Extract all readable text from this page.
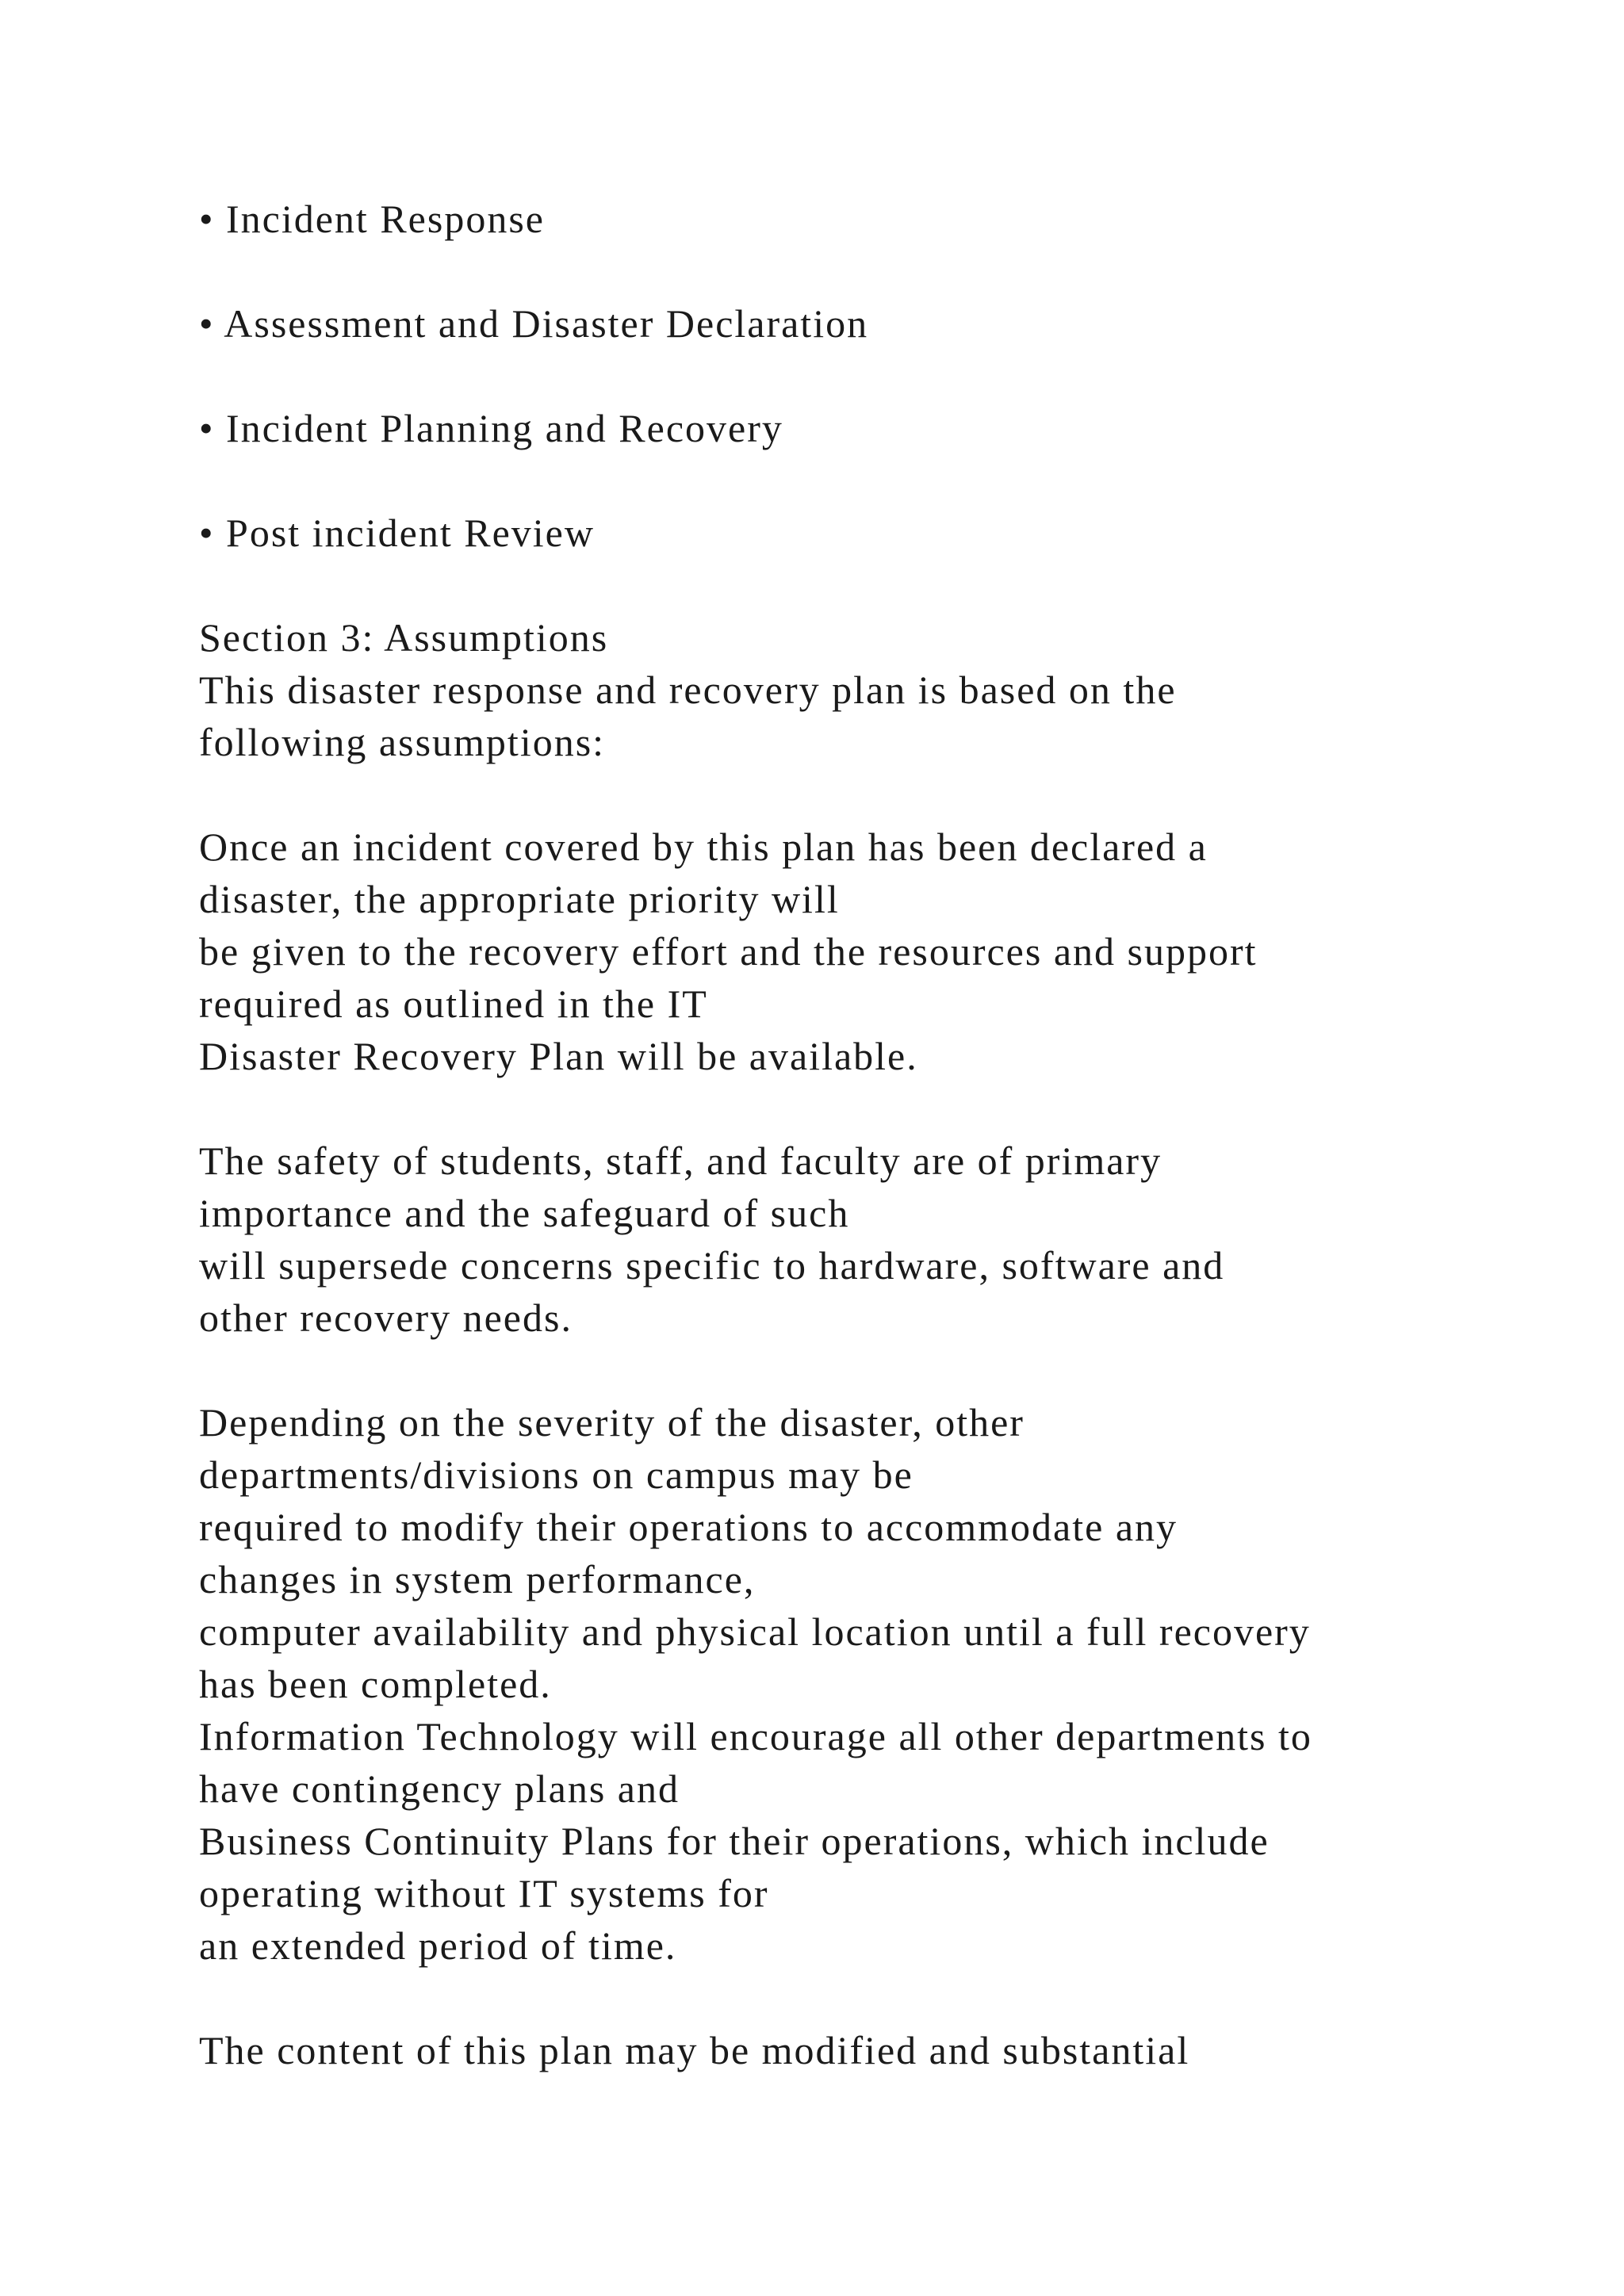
• Incident Response
• Assessment and Disaster Declaration
• Incident Planning and Recovery
• Post incident Review
Section 3: Assumptions
This disaster response and recovery plan is based on the
following assumptions:
Once an incident covered by this plan has been declared a
disaster, the appropriate priority will
be given to the recovery effort and the resources and support
required as outlined in the IT
Disaster Recovery Plan will be available.
The safety of students, staff, and faculty are of primary
importance and the safeguard of such
will supersede concerns specific to hardware, software and
other recovery needs.
Depending on the severity of the disaster, other
departments/divisions on campus may be
required to modify their operations to accommodate any
changes in system performance,
computer availability and physical location until a full recovery
has been completed.
Information Technology will encourage all other departments to
have contingency plans and
Business Continuity Plans for their operations, which include
operating without IT systems for
an extended period of time.
The content of this plan may be modified and substantial
